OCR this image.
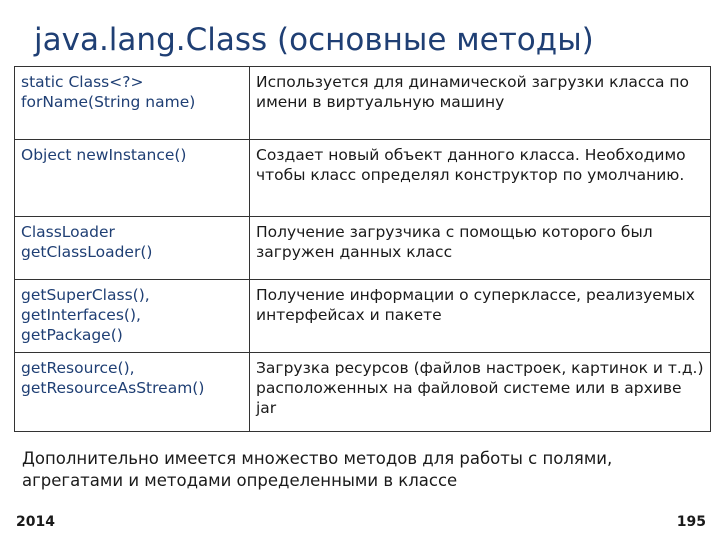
java.lang.Class (основные методы)
static Class<?> forName(String name)	Используется для динамической загрузки класса по имени в виртуальную машину
Object newInstance()	Создает новый объект данного класса. Необходимо чтобы класс определял конструктор по умолчанию.
ClassLoader getClassLoader()	Получение загрузчика с помощью которого был загружен данных класс
getSuperClass(), getInterfaces(), getPackage()	Получение информации о суперклассе, реализуемых интерфейсах и пакете
getResource(), getResourceAsStream()	Загрузка ресурсов (файлов настроек, картинок и т.д.) расположенных на файловой системе или в архиве jar
Дополнительно имеется множество методов для работы с полями, агрегатами и методами определенными в классе
2014	195
